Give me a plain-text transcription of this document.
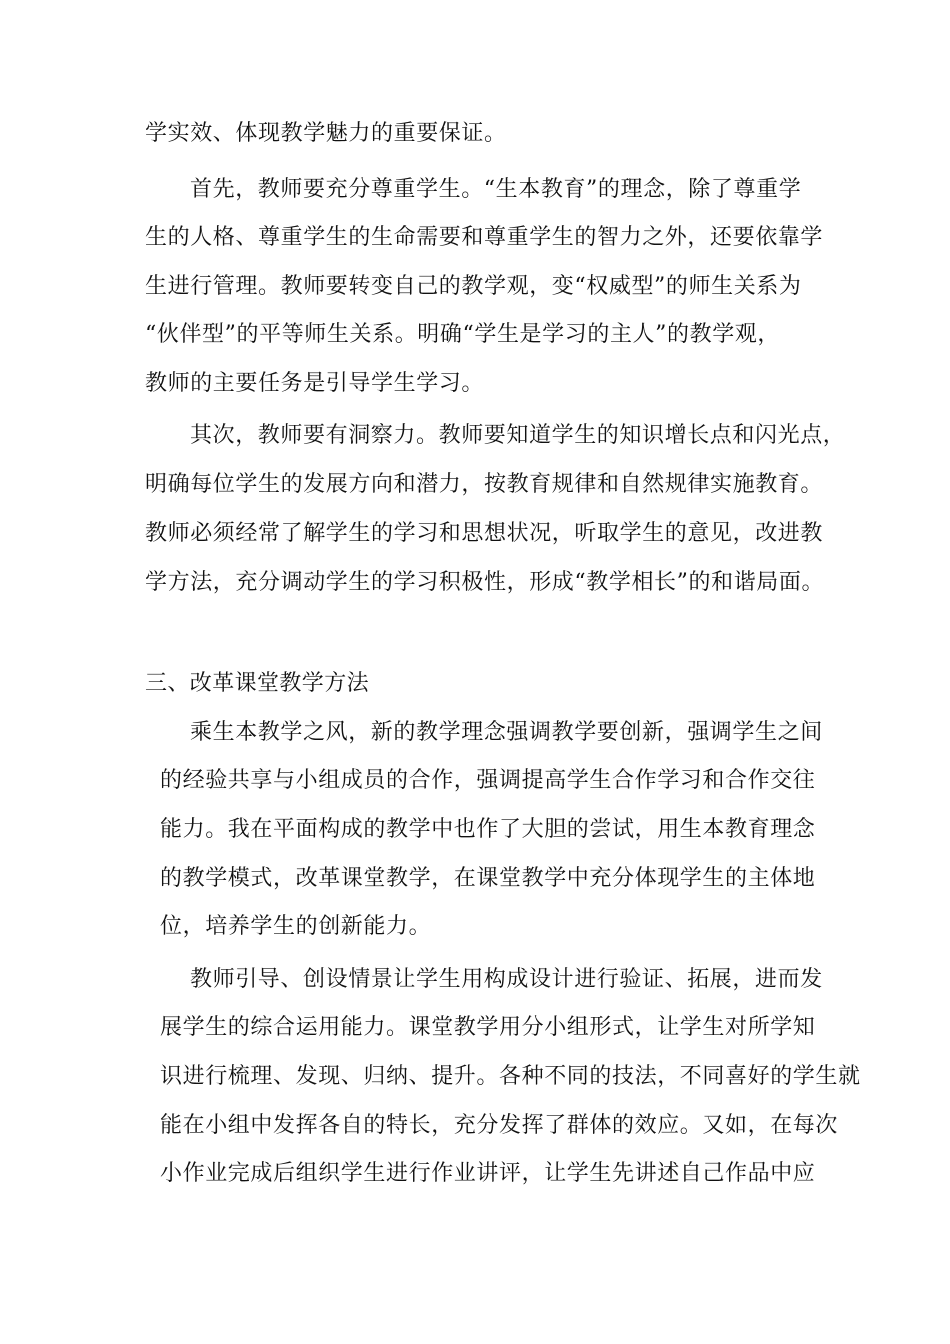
学实效、体现教学魅力的重要保证。
首先，教师要充分尊重学生。“生本教育”的理念，除了尊重学
生的人格、尊重学生的生命需要和尊重学生的智力之外，还要依靠学
生进行管理。教师要转变自己的教学观，变“权威型”的师生关系为
“伙伴型”的平等师生关系。明确“学生是学习的主人”的教学观，
教师的主要任务是引导学生学习。
其次，教师要有洞察力。教师要知道学生的知识增长点和闪光点，
明确每位学生的发展方向和潜力，按教育规律和自然规律实施教育。
教师必须经常了解学生的学习和思想状况，听取学生的意见，改进教
学方法，充分调动学生的学习积极性，形成“教学相长”的和谐局面。
三、改革课堂教学方法
乘生本教学之风，新的教学理念强调教学要创新，强调学生之间
的经验共享与小组成员的合作，强调提高学生合作学习和合作交往
能力。我在平面构成的教学中也作了大胆的尝试，用生本教育理念
的教学模式，改革课堂教学，在课堂教学中充分体现学生的主体地
位，培养学生的创新能力。
教师引导、创设情景让学生用构成设计进行验证、拓展，进而发
展学生的综合运用能力。课堂教学用分小组形式，让学生对所学知
识进行梳理、发现、归纳、提升。各种不同的技法，不同喜好的学生就
能在小组中发挥各自的特长，充分发挥了群体的效应。又如，在每次
小作业完成后组织学生进行作业讲评，让学生先讲述自己作品中应
